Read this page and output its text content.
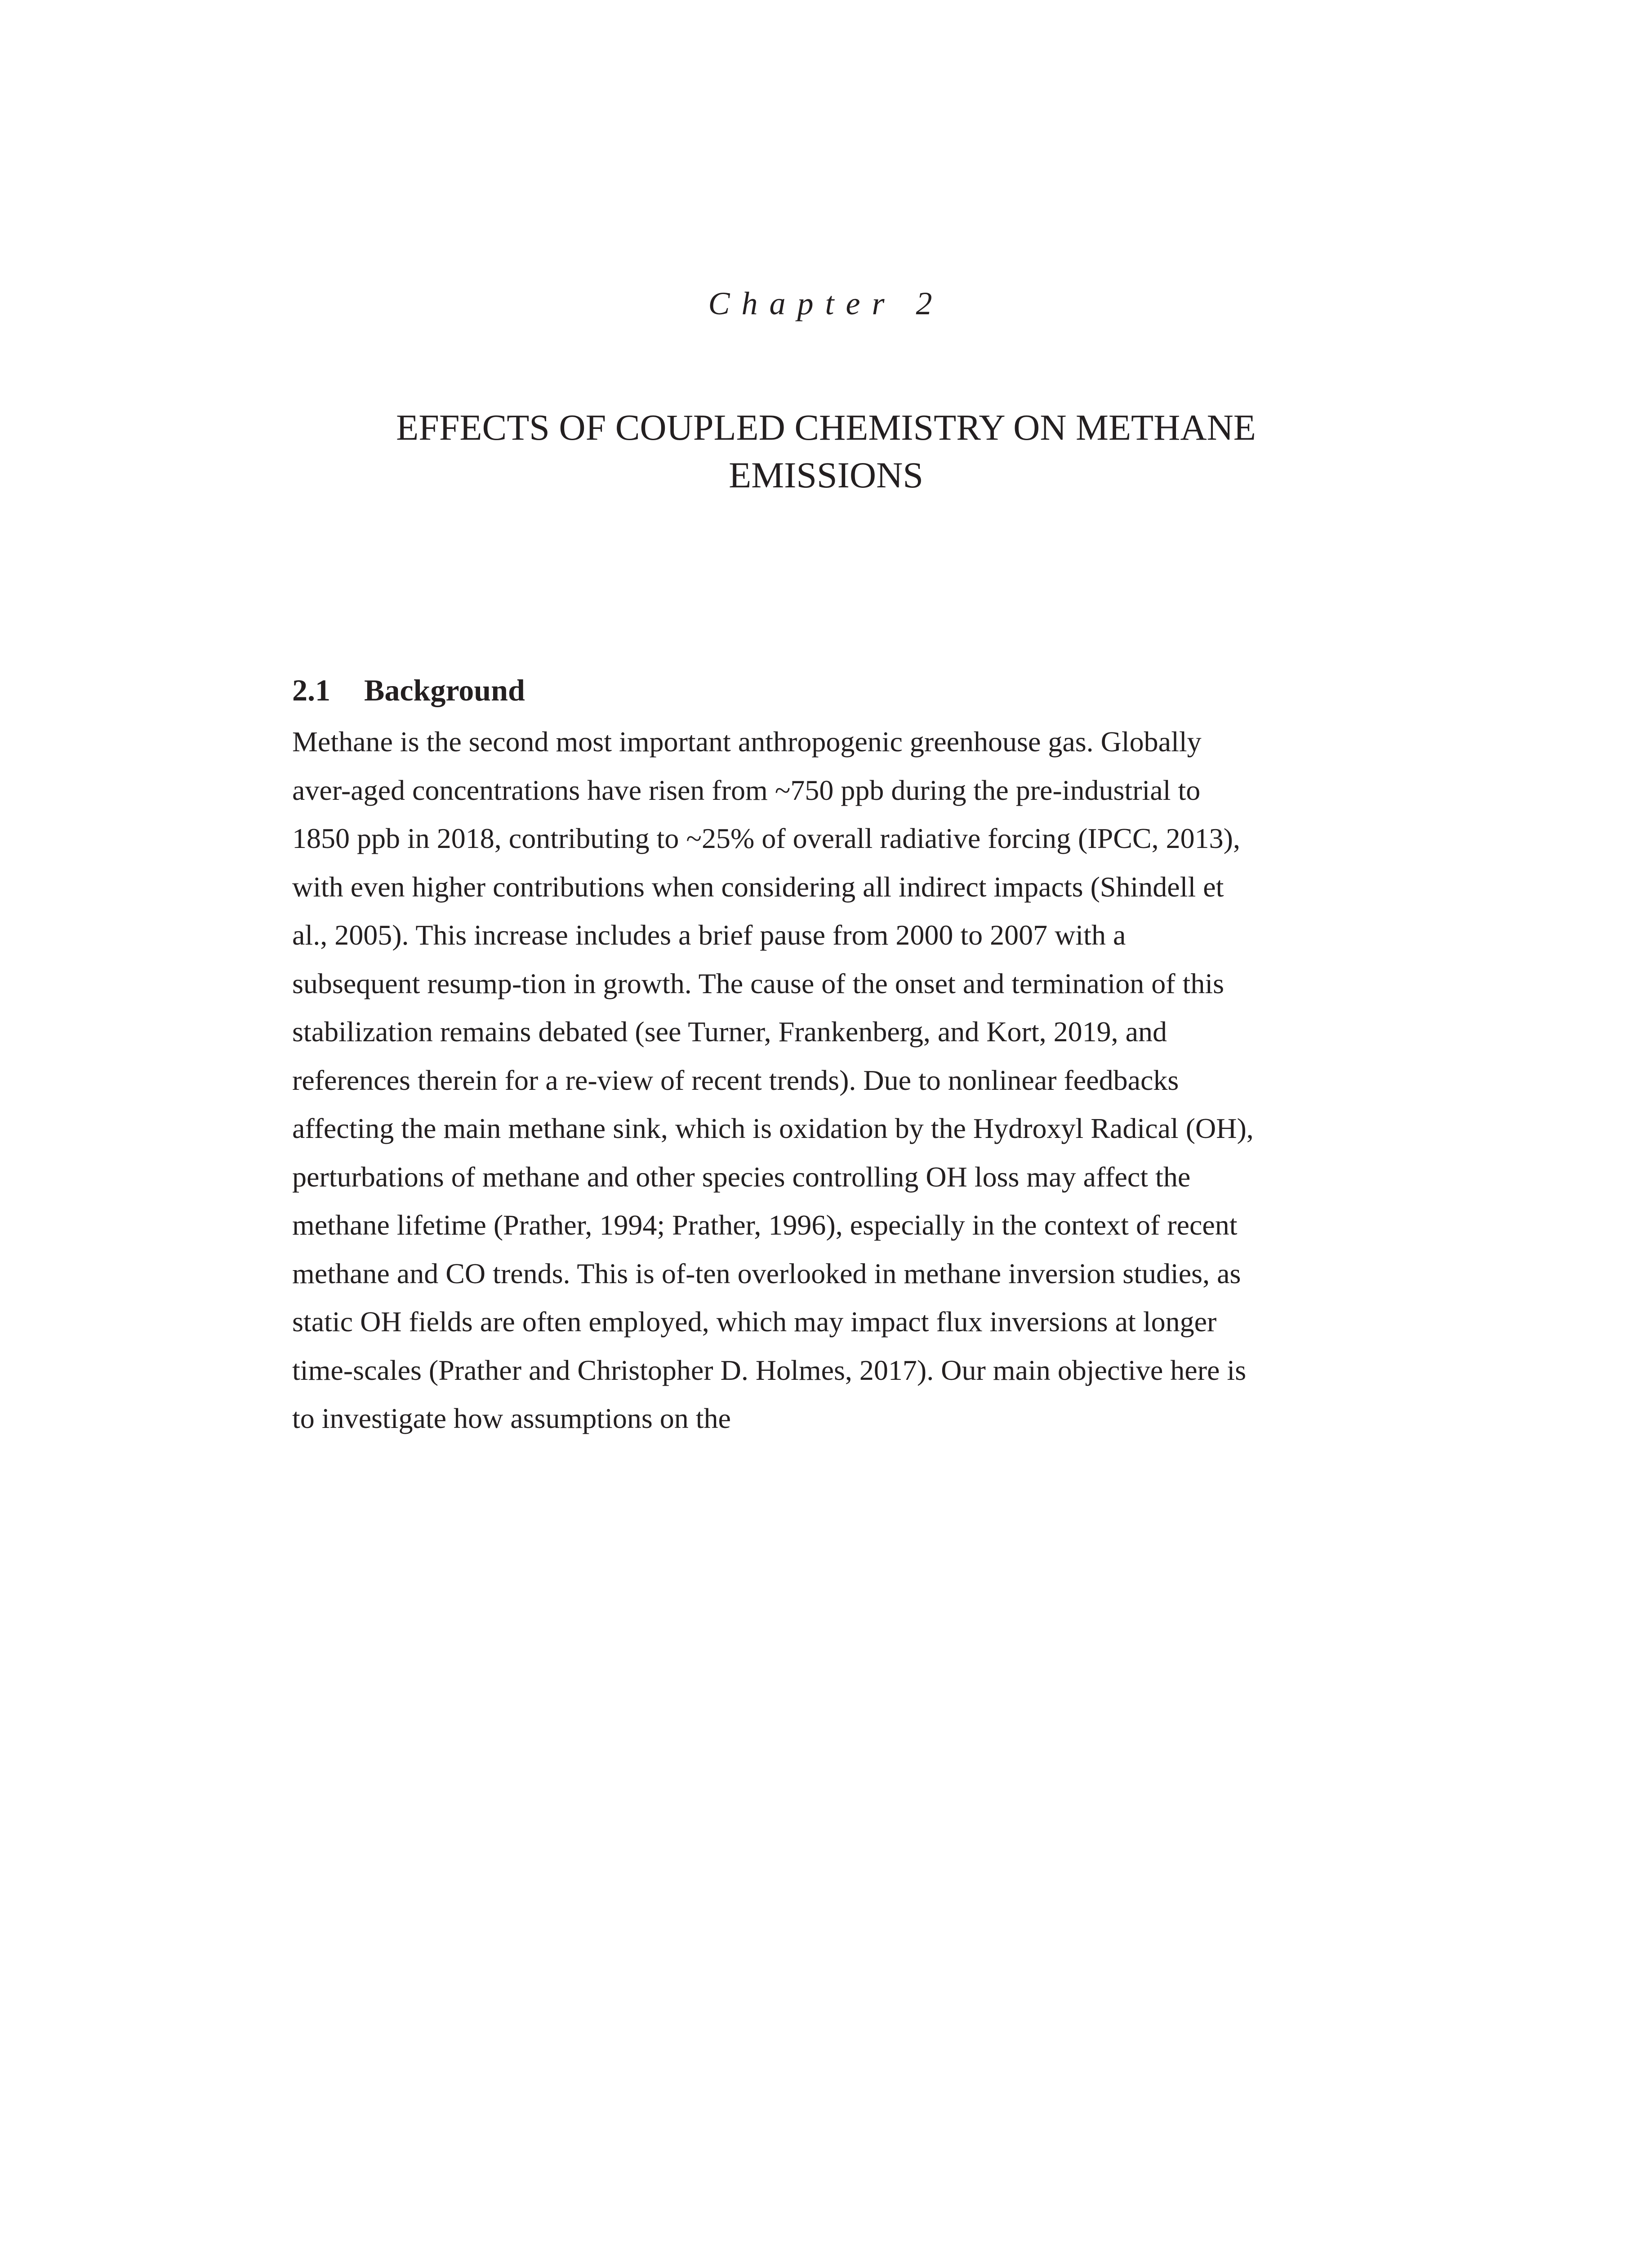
Chapter 2
EFFECTS OF COUPLED CHEMISTRY ON METHANE
EMISSIONS
2.1 Background
Methane is the second most important anthropogenic greenhouse gas. Globally
aver-aged concentrations have risen from ~750 ppb during the pre-industrial to
1850 ppb in 2018, contributing to ~25% of overall radiative forcing (IPCC, 2013),
with even higher contributions when considering all indirect impacts (Shindell et
al., 2005). This increase includes a brief pause from 2000 to 2007 with a
subsequent resump-tion in growth. The cause of the onset and termination of this
stabilization remains debated (see Turner, Frankenberg, and Kort, 2019, and
references therein for a re-view of recent trends). Due to nonlinear feedbacks
affecting the main methane sink, which is oxidation by the Hydroxyl Radical (OH),
perturbations of methane and other species controlling OH loss may affect the
methane lifetime (Prather, 1994; Prather, 1996), especially in the context of recent
methane and CO trends. This is of-ten overlooked in methane inversion studies, as
static OH fields are often employed, which may impact flux inversions at longer
time-scales (Prather and Christopher D. Holmes, 2017). Our main objective here is
to investigate how assumptions on the
